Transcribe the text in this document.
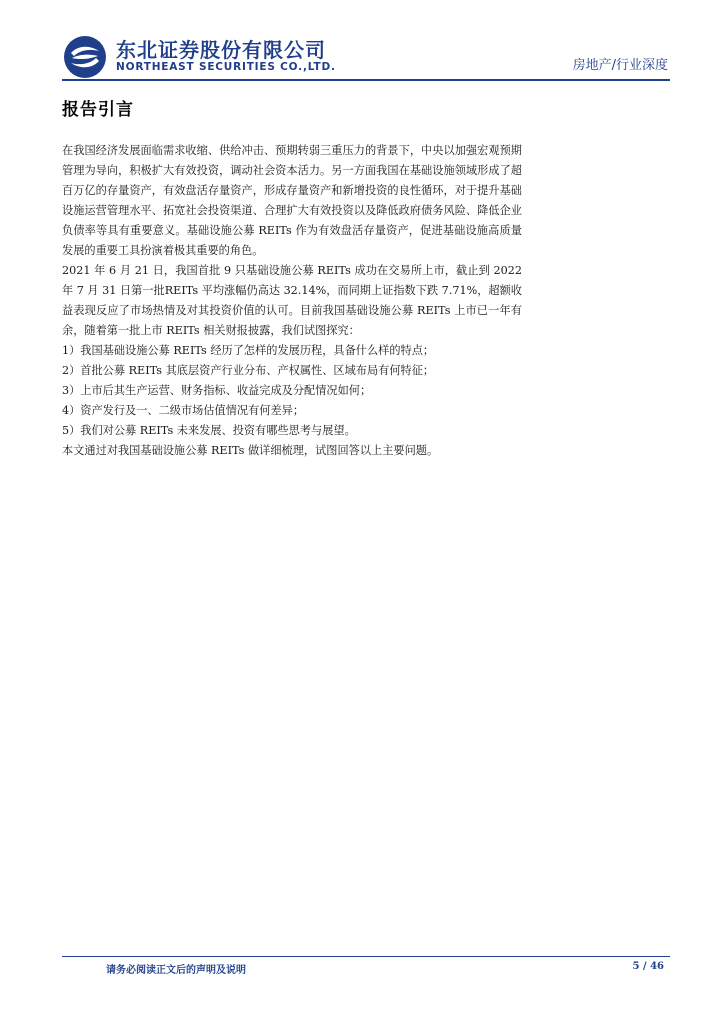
东北证券股份有限公司
NORTHEAST SECURITIES CO.,LTD.	房地产/行业深度
报告引言

在我国经济发展面临需求收缩、供给冲击、预期转弱三重压力的背景下，中央以加强宏观预期管理为导向，积极扩大有效投资，调动社会资本活力。另一方面我国在基础设施领域形成了超百万亿的存量资产，有效盘活存量资产，形成存量资产和新增投资的良性循环，对于提升基础设施运营管理水平、拓宽社会投资渠道、合理扩大有效投资以及降低政府债务风险、降低企业负债率等具有重要意义。基础设施公募 REITs 作为有效盘活存量资产，促进基础设施高质量发展的重要工具扮演着极其重要的角色。

2021 年 6 月 21 日，我国首批 9 只基础设施公募 REITs 成功在交易所上市，截止到 2022 年 7 月 31 日第一批REITs 平均涨幅仍高达 32.14%，而同期上证指数下跌 7.71%，超额收益表现反应了市场热情及对其投资价值的认可。目前我国基础设施公募 REITs 上市已一年有余，随着第一批上市 REITs 相关财报披露，我们试图探究：

1）我国基础设施公募 REITs 经历了怎样的发展历程，具备什么样的特点；

2）首批公募 REITs 其底层资产行业分布、产权属性、区域布局有何特征；

3）上市后其生产运营、财务指标、收益完成及分配情况如何；

4）资产发行及一、二级市场估值情况有何差异；

5）我们对公募 REITs 未来发展、投资有哪些思考与展望。

本文通过对我国基础设施公募 REITs 做详细梳理，试图回答以上主要问题。

请务必阅读正文后的声明及说明	5 / 46
